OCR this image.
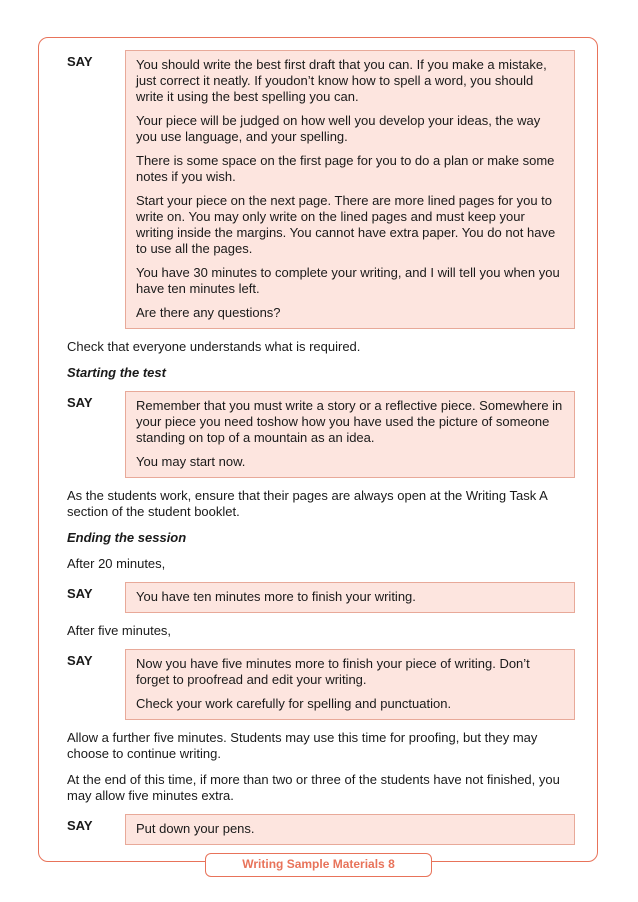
SAY	You should write the best first draft that you can. If you make a mistake, just correct it neatly. If youdon’t know how to spell a word, you should write it using the best spelling you can.

Your piece will be judged on how well you develop your ideas, the way you use language, and your spelling.

There is some space on the first page for you to do a plan or make some notes if you wish.

Start your piece on the next page. There are more lined pages for you to write on. You may only write on the lined pages and must keep your writing inside the margins. You cannot have extra paper. You do not have to use all the pages.

You have 30 minutes to complete your writing, and I will tell you when you have ten minutes left.

Are there any questions?

Check that everyone understands what is required.

Starting the test
SAY	Remember that you must write a story or a reflective piece. Somewhere in your piece you need toshow how you have used the picture of someone standing on top of a mountain as an idea.

You may start now.

As the students work, ensure that their pages are always open at the Writing Task A section of the student booklet.

Ending the session

After 20 minutes,

SAY	You have ten minutes more to finish your writing.

After five minutes,

SAY	Now you have five minutes more to finish your piece of writing. Don’t forget to proofread and edit your writing.

Check your work carefully for spelling and punctuation.

Allow a further five minutes. Students may use this time for proofing, but they may choose to continue writing.

At the end of this time, if more than two or three of the students have not finished, you may allow five minutes extra.

SAY	Put down your pens.

Writing Sample Materials 8
